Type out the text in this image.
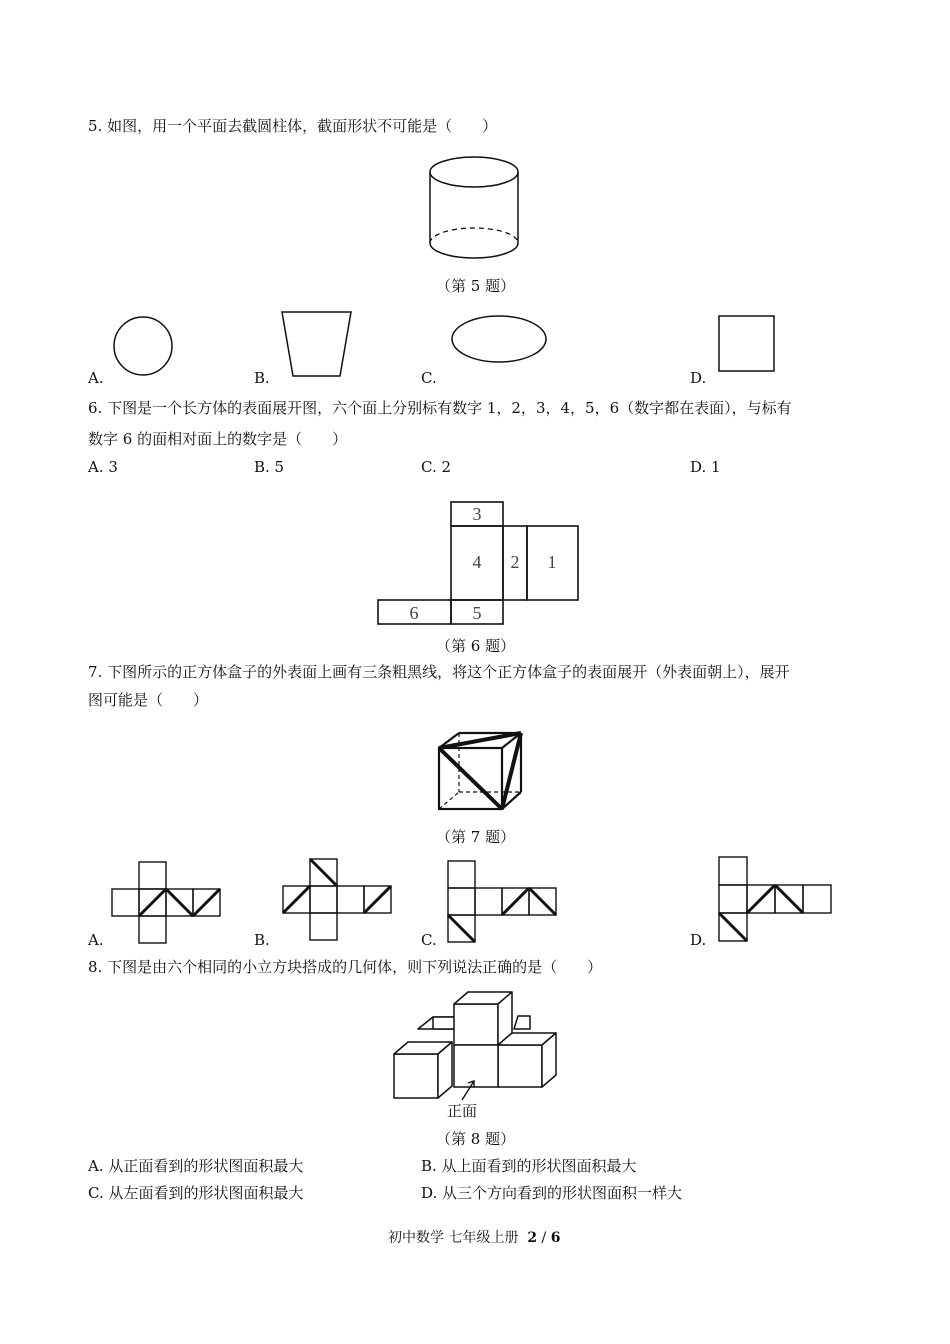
5. 如图，用一个平面去截圆柱体，截面形状不可能是（　　）
（第 5 题）
A.	B.	C.	D.
6. 下图是一个长方体的表面展开图，六个面上分别标有数字 1，2，3，4，5，6（数字都在表面），与标有
数字 6 的面相对面上的数字是（　　）
A. 3	B. 5	C. 2	D. 1
3
4 2 1
6	5
（第 6 题）
7. 下图所示的正方体盒子的外表面上画有三条粗黑线，将这个正方体盒子的表面展开（外表面朝上），展开
图可能是（　　）
（第 7 题）
A.	B.	C.	D.
8. 下图是由六个相同的小立方块搭成的几何体，则下列说法正确的是（　　）
正面
（第 8 题）
A. 从正面看到的形状图面积最大	B. 从上面看到的形状图面积最大
C. 从左面看到的形状图面积最大	D. 从三个方向看到的形状图面积一样大
初中数学 七年级上册 2 / 6
